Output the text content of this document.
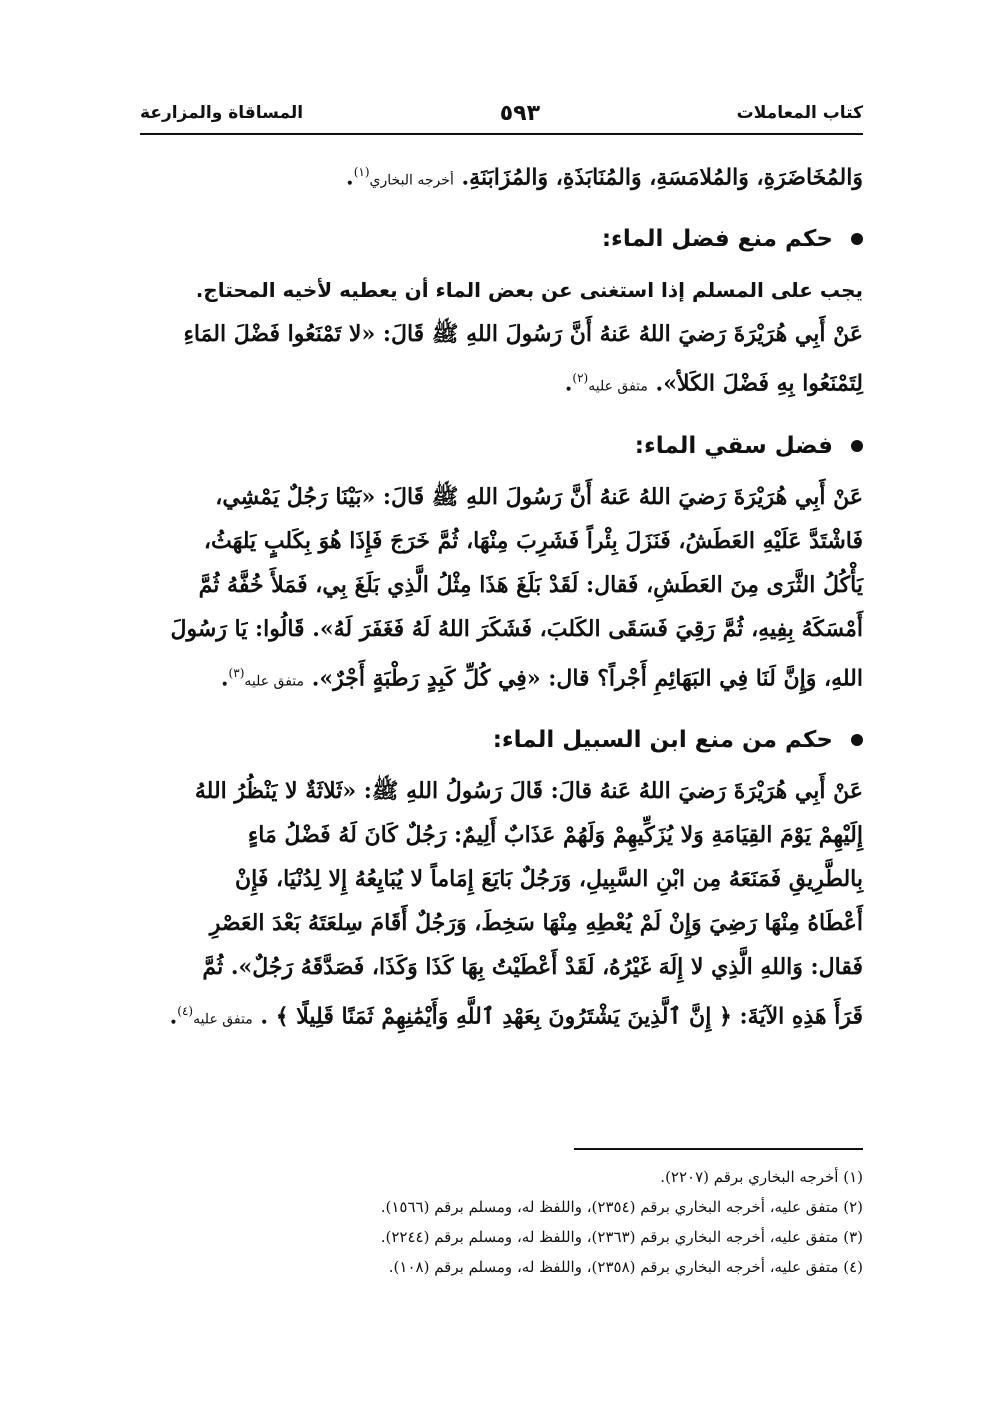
كتاب المعاملات
٥٩٣
المساقاة والمزارعة

وَالمُخَاضَرَةِ، وَالمُلامَسَةِ، وَالمُنَابَذَةِ، وَالمُزَابَنَةِ. أخرجه البخاري$^{(١)}$.

حكم منع فضل الماء:

يجب على المسلم إذا استغنى عن بعض الماء أن يعطيه لأخيه المحتاج.

عَنْ أَبِي هُرَيْرَةَ رَضيَ اللهُ عَنهُ أَنَّ رَسُولَ اللهِ ﷺ قَالَ: «لا تَمْنَعُوا فَضْلَ المَاءِ

لِتَمْنَعُوا بِهِ فَضْلَ الكَلأ». متفق عليه$^{(٢)}$.

فضل سقي الماء:

عَنْ أَبِي هُرَيْرَةَ رَضيَ اللهُ عَنهُ أَنَّ رَسُولَ اللهِ ﷺ قَالَ: «بَيْنَا رَجُلٌ يَمْشِي،

فَاشْتَدَّ عَلَيْهِ العَطَشُ، فَنَزَلَ بِئْراً فَشَرِبَ مِنْهَا، ثُمَّ خَرَجَ فَإِذَا هُوَ بِكَلبٍ يَلهَثُ،

يَأْكُلُ الثَّرَى مِنَ العَطَشِ، فَقال: لَقَدْ بَلَغَ هَذَا مِثْلُ الَّذِي بَلَغَ بِي، فَمَلأَ خُفَّهُ ثُمَّ

أَمْسَكَهُ بِفِيهِ، ثُمَّ رَقِيَ فَسَقَى الكَلبَ، فَشَكَرَ اللهُ لَهُ فَغَفَرَ لَهُ». قَالُوا: يَا رَسُولَ

اللهِ، وَإِنَّ لَنَا فِي البَهَائِمِ أَجْراً؟ قال: «فِي كُلِّ كَبِدٍ رَطْبَةٍ أَجْرٌ». متفق عليه$^{(٣)}$.

حكم من منع ابن السبيل الماء:

عَنْ أَبِي هُرَيْرَةَ رَضيَ اللهُ عَنهُ قالَ: قَالَ رَسُولُ اللهِ ﷺ: «ثَلاثَةٌ لا يَنْظُرُ اللهُ

إِلَيْهِمْ يَوْمَ القِيَامَةِ وَلا يُزَكِّيهِمْ وَلَهُمْ عَذَابٌ أَلِيمٌ: رَجُلٌ كَانَ لَهُ فَضْلُ مَاءٍ

بِالطَّرِيقِ فَمَنَعَهُ مِن ابْنِ السَّبِيلِ، وَرَجُلٌ بَايَعَ إِمَاماً لا يُبَايِعُهُ إِلا لِدُنْيَا، فَإِنْ

أَعْطَاهُ مِنْهَا رَضِيَ وَإِنْ لَمْ يُعْطِهِ مِنْهَا سَخِطَ، وَرَجُلٌ أَقَامَ سِلعَتَهُ بَعْدَ العَصْرِ

فَقال: وَاللهِ الَّذِي لا إِلَهَ غَيْرُهُ، لَقَدْ أَعْطَيْتُ بِهَا كَذَا وَكَذَا، فَصَدَّقَهُ رَجُلٌ». ثُمَّ

قَرَأَ هَذِهِ الآيَةَ: ﴿ إِنَّ ٱلَّذِينَ يَشْتَرُونَ بِعَهْدِ ٱللَّهِ وَأَيْمَٰنِهِمْ ثَمَنًا قَلِيلًا ﴾ . متفق عليه$^{(٤)}$.

(١) أخرجه البخاري برقم (٢٢٠٧).

(٢) متفق عليه، أخرجه البخاري برقم (٢٣٥٤)، واللفظ له، ومسلم برقم (١٥٦٦).

(٣) متفق عليه، أخرجه البخاري برقم (٢٣٦٣)، واللفظ له، ومسلم برقم (٢٢٤٤).

(٤) متفق عليه، أخرجه البخاري برقم (٢٣٥٨)، واللفظ له، ومسلم برقم (١٠٨).
